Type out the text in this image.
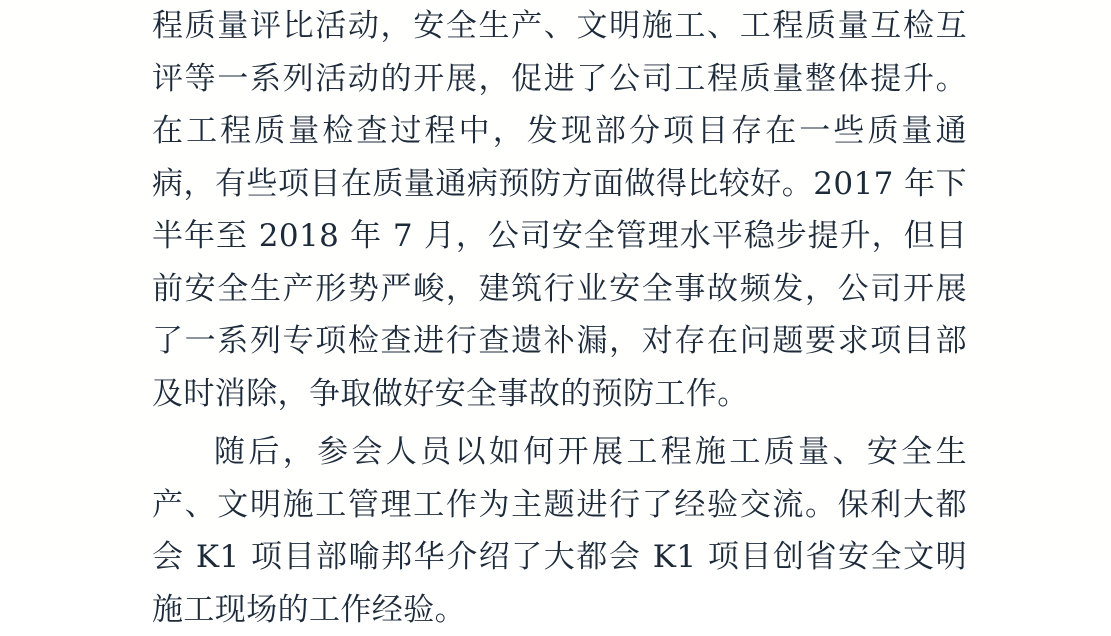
程质量评比活动，安全生产、文明施工、工程质量互检互评等一系列活动的开展，促进了公司工程质量整体提升。在工程质量检查过程中，发现部分项目存在一些质量通病，有些项目在质量通病预防方面做得比较好。2017 年下半年至 2018 年 7 月，公司安全管理水平稳步提升，但目前安全生产形势严峻，建筑行业安全事故频发，公司开展了一系列专项检查进行查遗补漏，对存在问题要求项目部及时消除，争取做好安全事故的预防工作。

随后，参会人员以如何开展工程施工质量、安全生产、文明施工管理工作为主题进行了经验交流。保利大都会 K1 项目部喻邦华介绍了大都会 K1 项目创省安全文明施工现场的工作经验。
